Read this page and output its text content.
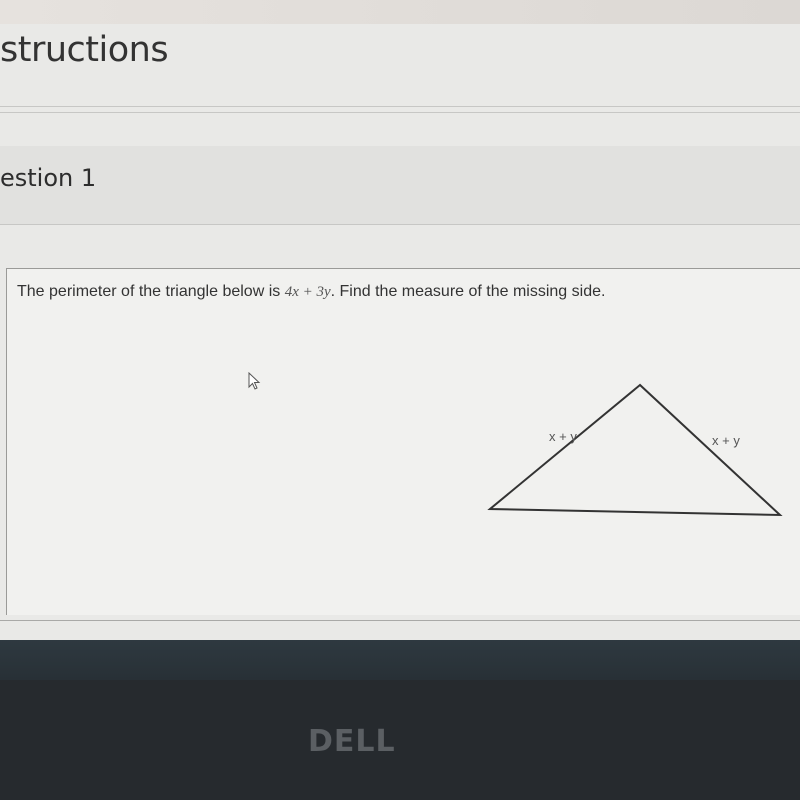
structions
estion 1
The perimeter of the triangle below is 4x + 3y. Find the measure of the missing side.
x + y	x + y
DELL
